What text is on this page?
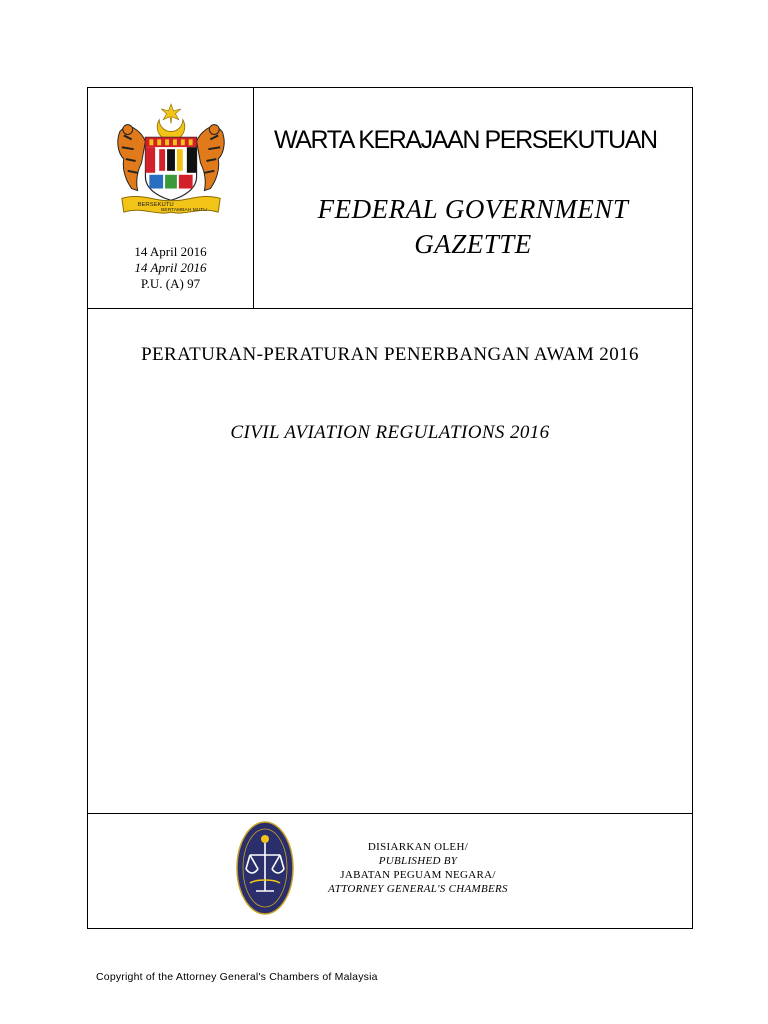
BERSEKUTU
BERTAMBAH MUTU
14 April 2016
14 April 2016
P.U. (A) 97
WARTA KERAJAAN PERSEKUTUAN
FEDERAL GOVERNMENT
GAZETTE
PERATURAN-PERATURAN PENERBANGAN AWAM 2016
CIVIL AVIATION REGULATIONS 2016
DISIARKAN OLEH/
PUBLISHED BY
JABATAN PEGUAM NEGARA/
ATTORNEY GENERAL'S CHAMBERS
Copyright of the Attorney General's Chambers of Malaysia
